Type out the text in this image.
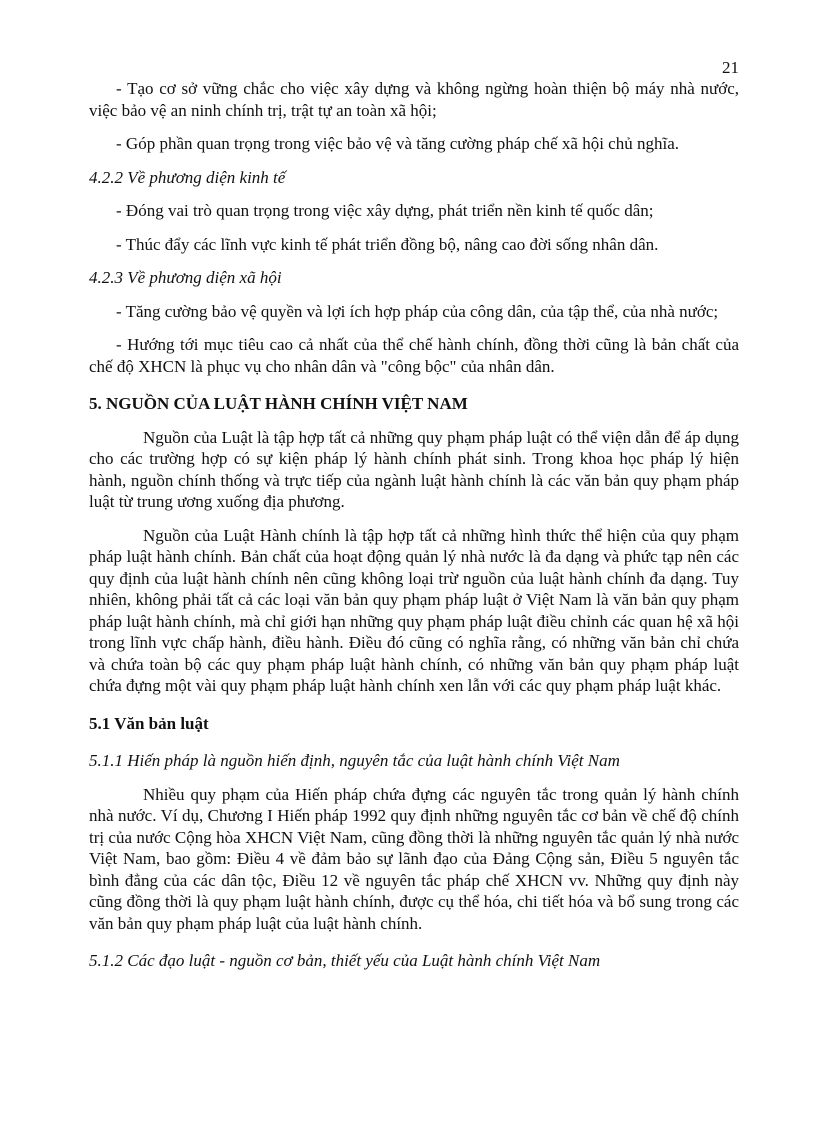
21

- Tạo cơ sở vững chắc cho việc xây dựng và không ngừng hoàn thiện bộ máy nhà nước, việc bảo vệ an ninh chính trị, trật tự an toàn xã hội;

- Góp phần quan trọng trong việc bảo vệ và tăng cường pháp chế xã hội chủ nghĩa.

4.2.2 Về phương diện kinh tế

- Đóng vai trò quan trọng trong việc xây dựng, phát triển nền kinh tế quốc dân;

- Thúc đẩy các lĩnh vực kinh tế phát triển đồng bộ, nâng cao đời sống nhân dân.

4.2.3 Về phương diện xã hội

- Tăng cường bảo vệ quyền và lợi ích hợp pháp của công dân, của tập thể, của nhà nước;

- Hướng tới mục tiêu cao cả nhất của thể chế hành chính, đồng thời cũng là bản chất của chế độ XHCN là phục vụ cho nhân dân và "công bộc" của nhân dân.

5. NGUỒN CỦA LUẬT HÀNH CHÍNH VIỆT NAM

Nguồn của Luật là tập hợp tất cả những quy phạm pháp luật có thể viện dẫn để áp dụng cho các trường hợp có sự kiện pháp lý hành chính phát sinh. Trong khoa học pháp lý hiện hành, nguồn chính thống và trực tiếp của ngành luật hành chính là các văn bản quy phạm pháp luật từ trung ương xuống địa phương.

Nguồn của Luật Hành chính là tập hợp tất cả những hình thức thể hiện của quy phạm pháp luật hành chính. Bản chất của hoạt động quản lý nhà nước là đa dạng và phức tạp nên các quy định của luật hành chính nên cũng không loại trừ nguồn của luật hành chính đa dạng. Tuy nhiên, không phải tất cả các loại văn bản quy phạm pháp luật ở Việt Nam là văn bản quy phạm pháp luật hành chính, mà chỉ giới hạn những quy phạm pháp luật điều chỉnh các quan hệ xã hội trong lĩnh vực chấp hành, điều hành. Điều đó cũng có nghĩa rằng, có những văn bản chỉ chứa và chứa toàn bộ các quy phạm pháp luật hành chính, có những văn bản quy phạm pháp luật chứa đựng một vài quy phạm pháp luật hành chính xen lẫn với các quy phạm pháp luật khác.

5.1 Văn bản luật

5.1.1 Hiến pháp là nguồn hiến định, nguyên tắc của luật hành chính Việt Nam

Nhiều quy phạm của Hiến pháp chứa đựng các nguyên tắc trong quản lý hành chính nhà nước. Ví dụ, Chương I Hiến pháp 1992 quy định những nguyên tắc cơ bản về chế độ chính trị của nước Cộng hòa XHCN Việt Nam, cũng đồng thời là những nguyên tắc quản lý nhà nước Việt Nam, bao gồm: Điều 4 về đảm bảo sự lãnh đạo của Đảng Cộng sản, Điều 5 nguyên tắc bình đẳng của các dân tộc, Điều 12 về nguyên tắc pháp chế XHCN vv. Những quy định này cũng đồng thời là quy phạm luật hành chính, được cụ thể hóa, chi tiết hóa và bổ sung trong các văn bản quy phạm pháp luật của luật hành chính.

5.1.2 Các đạo luật - nguồn cơ bản, thiết yếu của Luật hành chính Việt Nam
